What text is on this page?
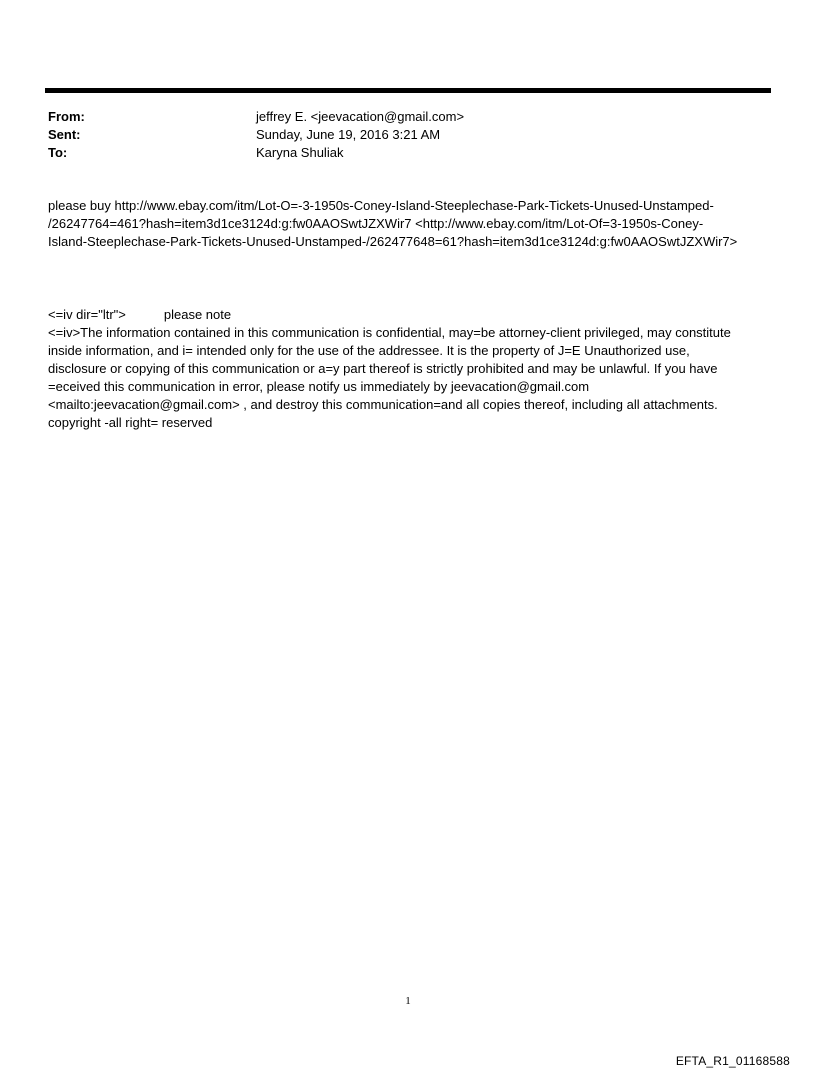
From:	jeffrey E. <jeevacation@gmail.com>
Sent:	Sunday, June 19, 2016 3:21 AM
To:	Karyna Shuliak
please buy http://www.ebay.com/itm/Lot-O=-3-1950s-Coney-Island-Steeplechase-Park-Tickets-Unused-Unstamped-
/26247764=461?hash=item3d1ce3124d:g:fw0AAOSwtJZXWir7 <http://www.ebay.com/itm/Lot-Of=3-1950s-Coney-
Island-Steeplechase-Park-Tickets-Unused-Unstamped-/262477648=61?hash=item3d1ce3124d:g:fw0AAOSwtJZXWir7>
<=iv dir="ltr">	please note
<=iv>The information contained in this communication is confidential, may=be attorney-client privileged, may constitute
inside information, and i= intended only for the use of the addressee. It is the property of J=E Unauthorized use,
disclosure or copying of this communication or a=y part thereof is strictly prohibited and may be unlawful. If you have
=eceived this communication in error, please notify us immediately by jeevacation@gmail.com
<mailto:jeevacation@gmail.com> , and destroy this communication=and all copies thereof, including all attachments.
copyright -all right= reserved
1
EFTA_R1_01168588
